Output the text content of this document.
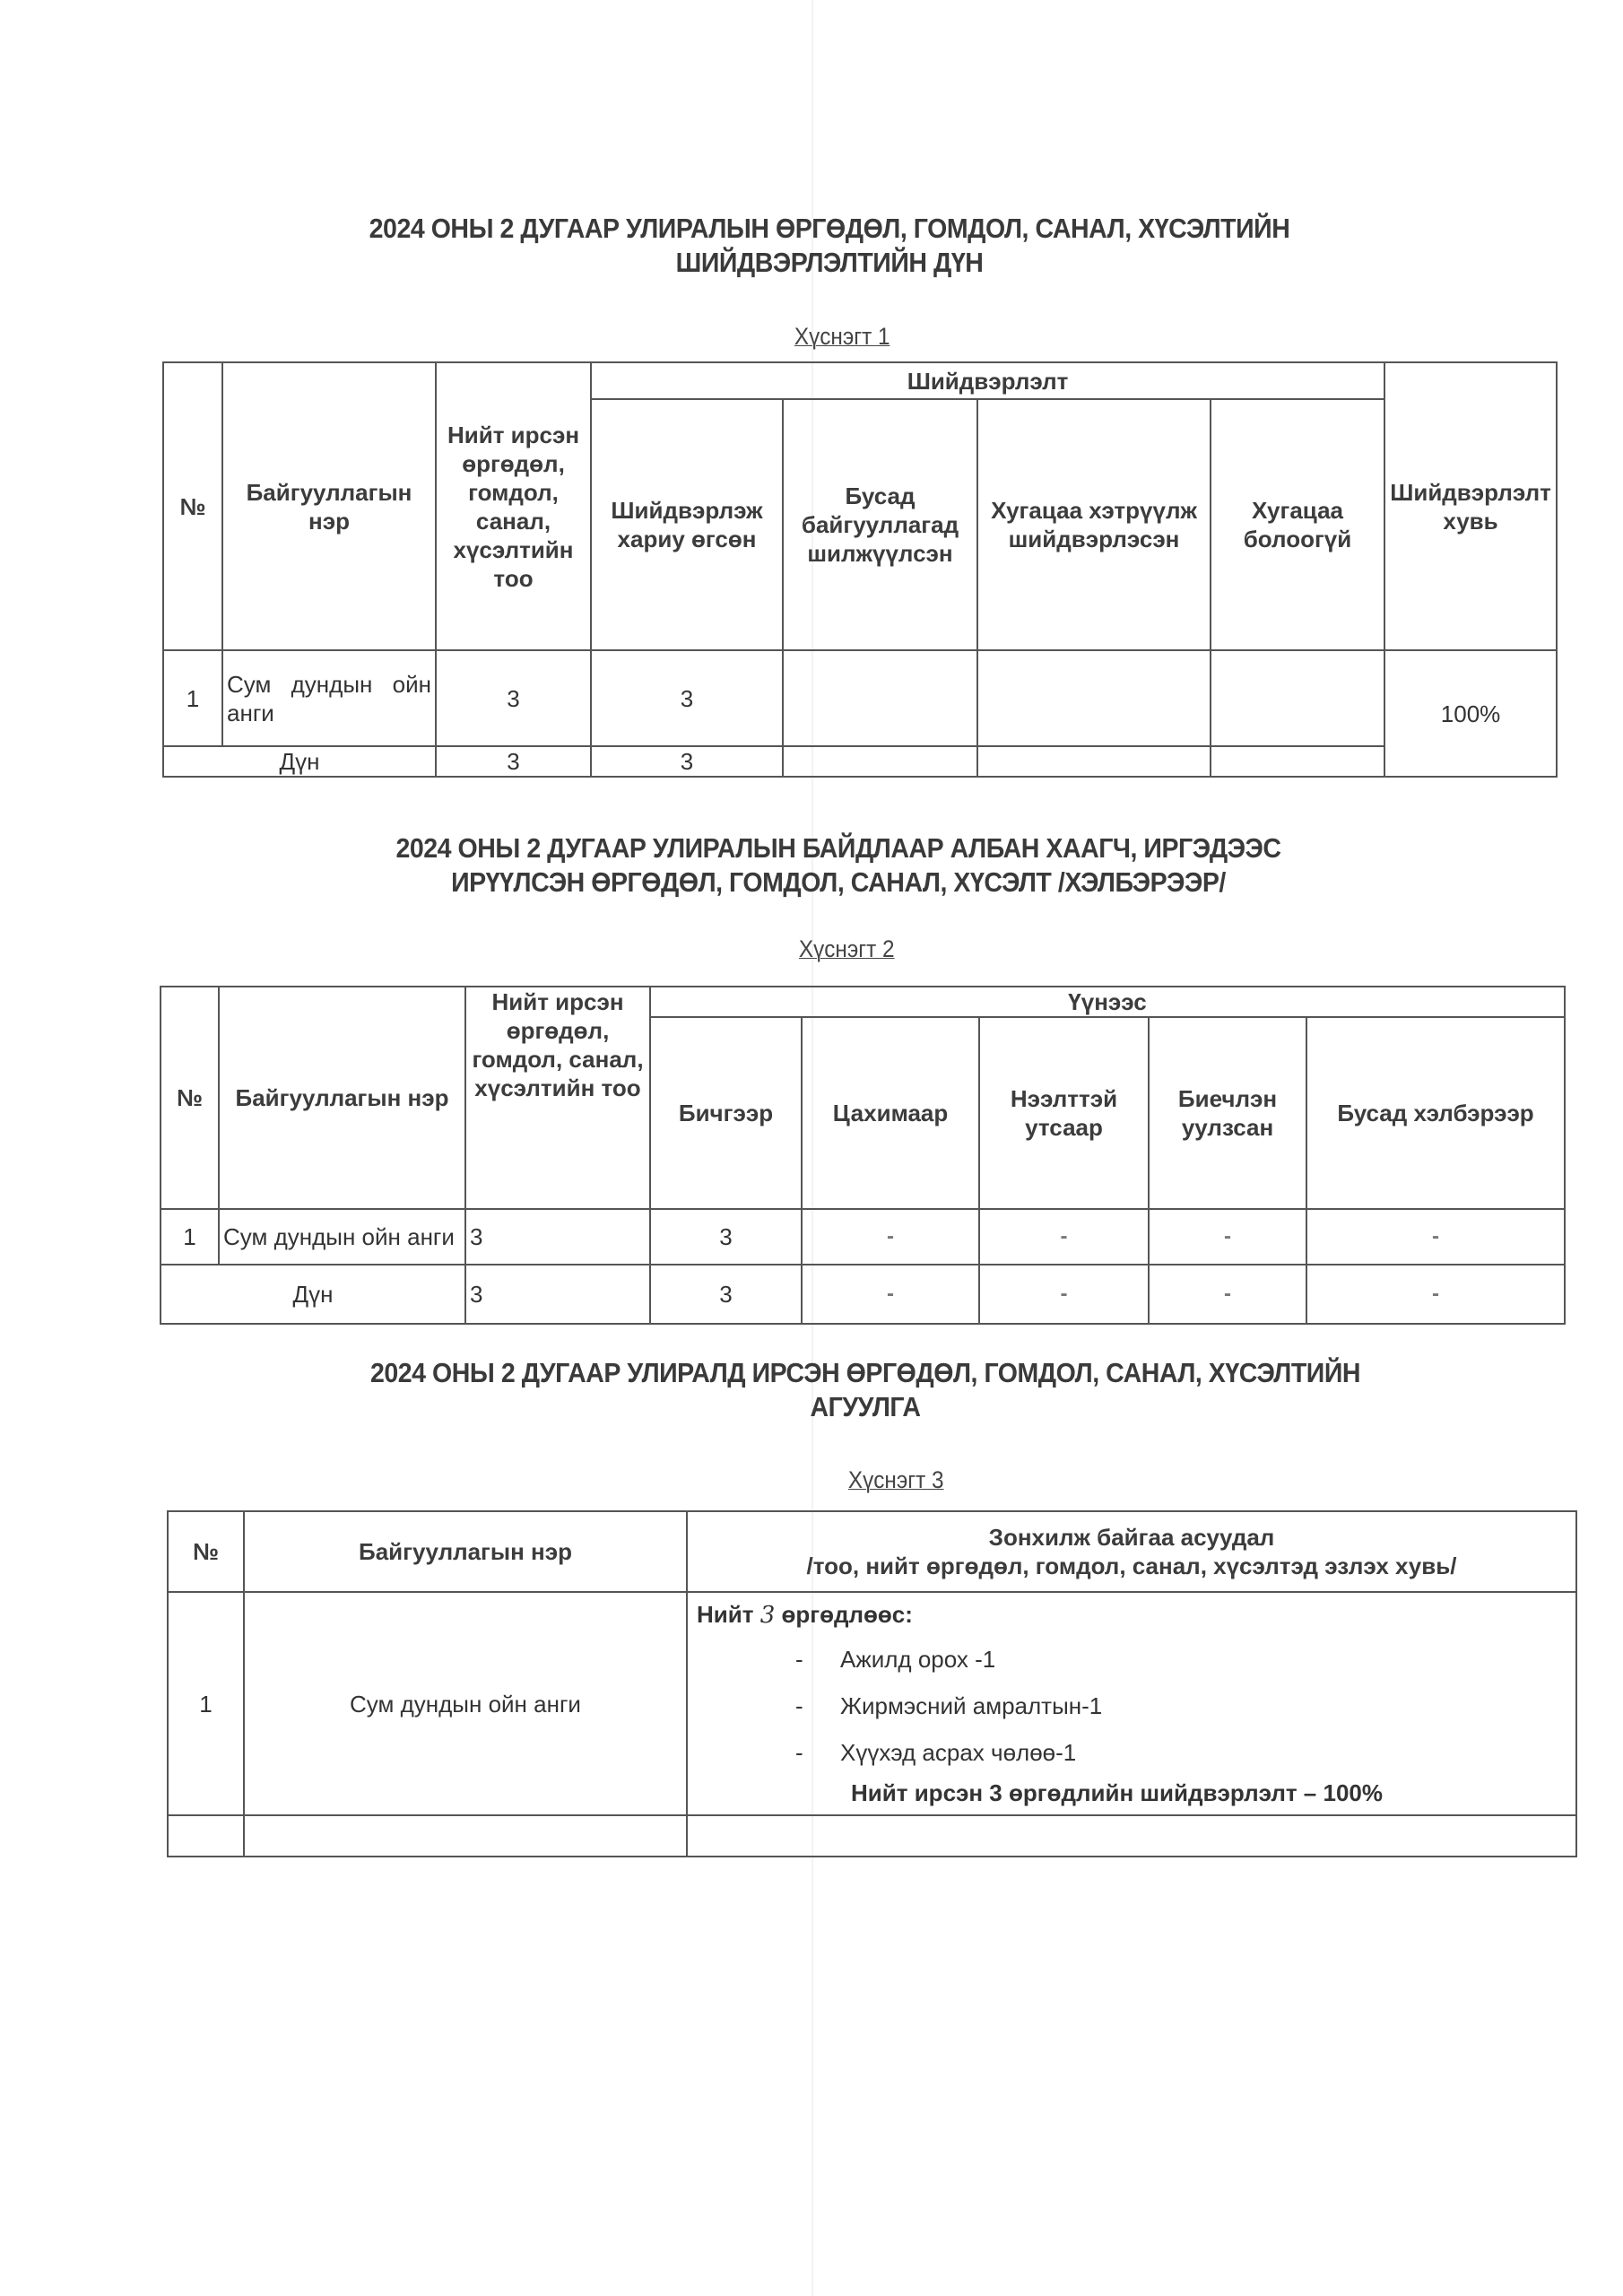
2024 ОНЫ 2 ДУГААР УЛИРАЛЫН ӨРГӨДӨЛ, ГОМДОЛ, САНАЛ, ХҮСЭЛТИЙН
ШИЙДВЭРЛЭЛТИЙН ДҮН
Хүснэгт 1
№	Байгууллагын нэр	Нийт ирсэн өргөдөл, гомдол, санал, хүсэлтийн тоо	Шийдвэрлэлт				Шийдвэрлэлт хувь
			Шийдвэрлэж хариу өгсөн	Бусад байгууллагад шилжүүлсэн	Хугацаа хэтрүүлж шийдвэрлэсэн	Хугацаа болоогүй	
1	Сум дундын ойн анги	3	3				100%
Дүн		3	3				
2024 ОНЫ 2 ДУГААР УЛИРАЛЫН БАЙДЛААР АЛБАН ХААГЧ, ИРГЭДЭЭС
ИРҮҮЛСЭН ӨРГӨДӨЛ, ГОМДОЛ, САНАЛ, ХҮСЭЛТ /ХЭЛБЭРЭЭР/
Хүснэгт 2
№	Байгууллагын нэр	Нийт ирсэн өргөдөл, гомдол, санал, хүсэлтийн тоо	Үүнээс				
			Бичгээр	Цахимаар	Нээлттэй утсаар	Биечлэн уулзсан	Бусад хэлбэрээр
1	Сум дундын ойн анги	3	3	-	-	-	-
Дүн		3	3	-	-	-	-
2024 ОНЫ 2 ДУГААР УЛИРАЛД ИРСЭН ӨРГӨДӨЛ, ГОМДОЛ, САНАЛ, ХҮСЭЛТИЙН
АГУУЛГА
Хүснэгт 3
№	Байгууллагын нэр	Зонхилж байгаа асуудал
/тоо, нийт өргөдөл, гомдол, санал, хүсэлтэд эзлэх хувь/

1	Сум дундын ойн анги	Нийт 3 өргөдлөөс:
- Ажилд орох -1
- Жирмэсний амралтын-1
- Хүүхэд асрах чөлөө-1
Нийт ирсэн 3 өргөдлийн шийдвэрлэлт – 100%
